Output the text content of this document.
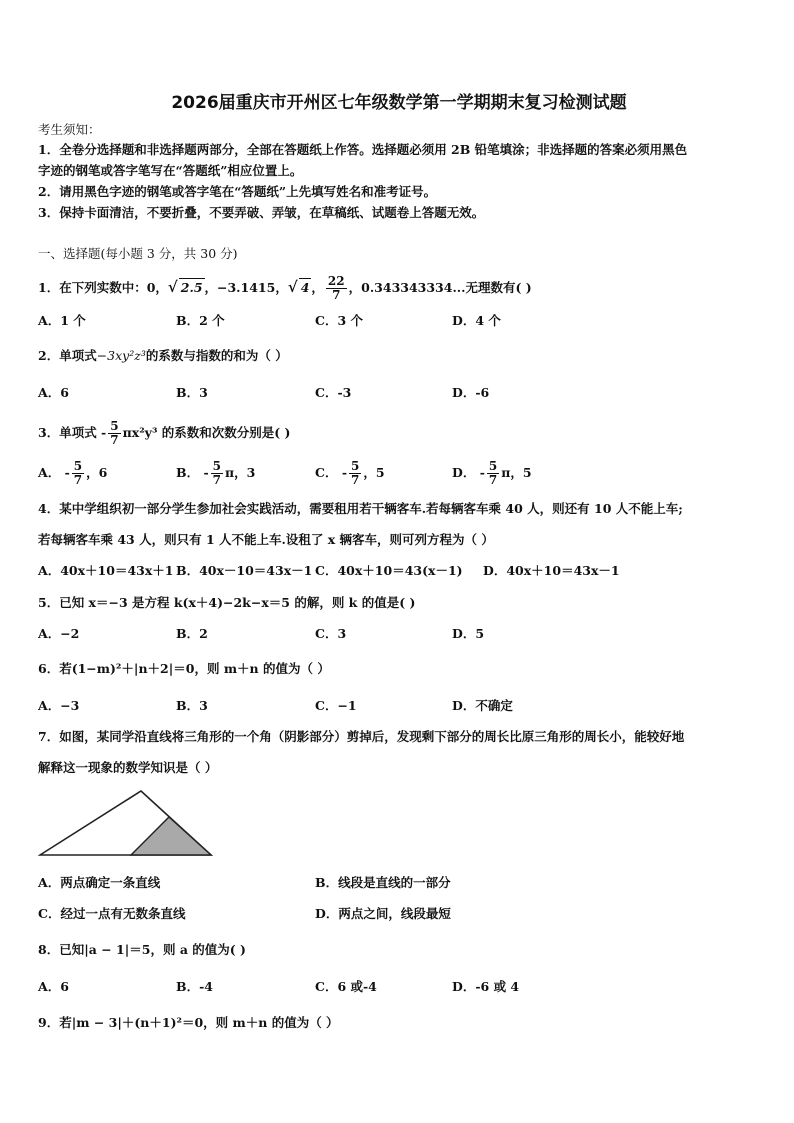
2026届重庆市开州区七年级数学第一学期期末复习检测试题
考生须知：
1．全卷分选择题和非选择题两部分，全部在答题纸上作答。选择题必须用 2B 铅笔填涂；非选择题的答案必须用黑色
字迹的钢笔或答字笔写在“答题纸”相应位置上。
2．请用黑色字迹的钢笔或答字笔在“答题纸”上先填写姓名和准考证号。
3．保持卡面清洁，不要折叠，不要弄破、弄皱，在草稿纸、试题卷上答题无效。
一、选择题(每小题 3 分，共 30 分)
1．在下列实数中：0，√ 2.5 ，−3.1415，√ 4 ， $\frac{22}{7}$ ，0.343343334...无理数有( )
A．1 个	B．2 个	C．3 个	D．4 个
2．单项式−3xy²z³的系数与指数的和为（ ）
A．6	B．3	C．-3	D．-6
3．单项式 - $\frac{5}{7} \pi x^2y^3$ 的系数和次数分别是( )
A． - $\frac{5}{7}$ ，6	B． - $\frac{5}{7}$ π，3	C． - $\frac{5}{7}$ ，5	D． - $\frac{5}{7}$ π，5
4．某中学组织初一部分学生参加社会实践活动，需要租用若干辆客车.若每辆客车乘 40 人，则还有 10 人不能上车;
若每辆客车乘 43 人，则只有 1 人不能上车.设租了 x 辆客车，则可列方程为（ ）
A．40x＋10＝43x＋1 B．40x－10＝43x－1 C．40x＋10＝43(x－1) D．40x＋10＝43x－1
5．已知 x＝−3 是方程 k(x＋4)−2k−x＝5 的解，则 k 的值是( )
A．−2	B．2	C．3	D．5
6．若(1−m)²＋|n＋2|＝0，则 m＋n 的值为（ ）
A．−3	B．3	C．−1	D．不确定
7．如图，某同学沿直线将三角形的一个角（阴影部分）剪掉后，发现剩下部分的周长比原三角形的周长小，能较好地
解释这一现象的数学知识是（ ）
A．两点确定一条直线	B．线段是直线的一部分
C．经过一点有无数条直线	D．两点之间，线段最短
8．已知|a − 1|＝5，则 a 的值为( )
A．6	B．-4	C．6 或-4	D．-6 或 4
9．若|m − 3|＋(n＋1)²＝0，则 m＋n 的值为（ ）
